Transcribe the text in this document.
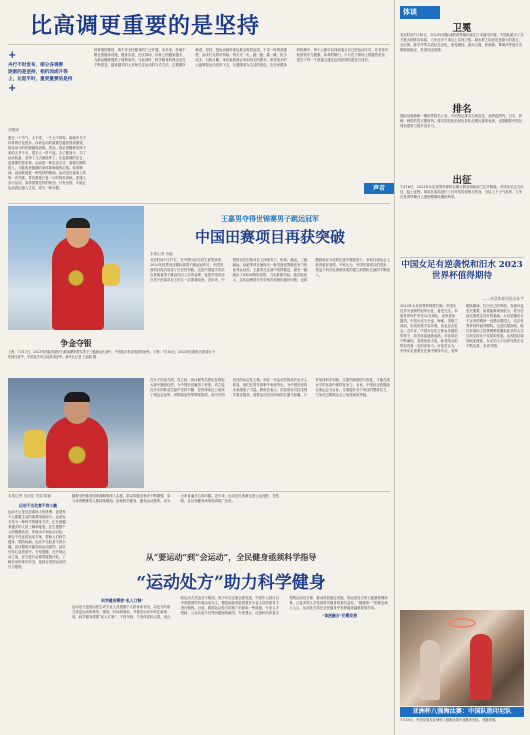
比高调更重要的是坚持
+
央行不时发布、部分各调要
逐渐的是坚持，相机而或升等
上，比起平时，重更重要的是持
+
刘敬诚
夏至一个节气，太平常，一个大不同有。新闻中关于体育的讨论很多。体育运动的重要性越发得到重视，群众参与的热情越发高涨。然而，真正将锻炼坚持下来的人并不多。很多人一时兴起，办了健身卡，买了运动装备，坚持了几天就放弃了。比起高调的宣言，更重要的是坚持。运动是一种生活方式，需要长期的投入，才能收获健康的身体和愉悦的心情。体育精神，说到底就是一种坚持的精神。运动员在赛场上的每一次突破，背后都是日复一日的刻苦训练。普通人参与运动，同样需要这样的韧劲。只有坚持，才能让运动真正融入生活，成为一种习惯。
体育强国建设，离不开全民健身的广泛开展。近年来，各地不断完善健身设施，健身步道、社区球场、体育公园越来越多，为群众锻炼提供了便利条件。与此同时，科学健身的理念也在不断普及，越来越多的人开始关注运动的方式方法，注重循序渐进。坚持，是运动最朴素也最宝贵的品质。不求一时的高强度，而求长久的可持续。每天走一走、跑一跑、跳一跳，积少成多，日积月累，身体素质就会得到切实的提升。希望更多的人能够把运动坚持下去，让健康成为生活的底色。在全民健身的热潮中，每个人都可以找到适合自己的运动方式，在坚持中收获快乐与健康。体育的魅力，不只在于赛场上的激烈竞争，更在于每一个普通人通过运动获得的改变与成长。
声音
体谈
卫冕
北京时间7月16日，2023年国际泳联世界锦标赛在日本福冈开幕。中国队派出了实力强大的阵容参赛，力争在多个项目上实现卫冕。跳水梦之队依旧是最大的看点，全红婵、陈芋汐等名将状态出色，备受期待。游泳方面，张雨霏、覃海洋等选手近期表现稳定，有望冲击奖牌。
排名
国际足联最新一期世界排名公布，中国男足排名出现变化。亚洲范围内，日本、伊朗、韩国仍然占据前列。排名的变化折射出各队近期比赛的表现，也提醒着中国足球仍需努力提升竞争力。
出征
7月16日，2023年女足世界杯即将在澳大利亚和新西兰拉开帷幕。中国女足正式出征，踏上征程。球队在赛前进行了针对性的训练与热身，全队上下士气高昂，力争在世界杯舞台上展现铿锵玫瑰的风采。
中国女足有逆袭悦和汨水 2023世界杯值得期待
——对话体育评论员孙宇
2023年女足世界杯即将打响，中国女足作为亚洲杯冠军出征，备受关注。本届世界杯扩军至32支球队，竞争更加激烈。中国女足与丹麦、海地、英格兰同组，出线形势不容乐观，但也存在机会。近年来，中国女足在主帅水庆霞的带领下，战术体系逐渐成熟，年轻球员不断涌现，老将经验丰富，新老结合的阵容具备一定的竞争力。评论员认为，中国女足需要在比赛中保持专注，发挥团队精神，打出自己的风格。首战丹麦至关重要，如果能够拿到积分，将为后续比赛奠定良好的基础。女足姑娘们永不言弃的精神一直感动着国人，这次世界杯同样值得期待。无论结果如何，她们在赛场上的拼搏都将激励更多的人关注和支持女子足球的发展。从校园足球到职业联赛，女足的人才培养体系正在不断完善，未来可期。
亚洲杯八强淘汰赛：中国队胜印尼队
7月18日，中国女篮在亚洲杯八强淘汰赛中战胜印尼队，晋级四强。
争金夺银
上图：7月17日，2023年国际田联钻石联赛摩纳哥站男子三级跳远比赛中，中国选手朱亚明获得冠军。下图：7月16日，2023年田联钻石联赛女子铅球比赛中，中国选手巩立姣获得亚军。新华社记者 王丽莉 摄
王嘉男夺得世锦赛男子跳远冠军
中国田赛项目再获突破
本报记者 刘毅
北京时间7月17日，在中国田径名将王嘉男获得2023年世界田径锦标赛男子跳远冠军后，中国田赛项目再次取得了历史性突破。这是中国选手首次在世锦赛男子跳远项目上夺得金牌，也是中国田径在男子田赛项目上的又一次重要收获。近年来，中国田径在田赛项目上持续发力，铅球、跳远、三级跳远、标枪等项目涌现出一批具备世界级竞争力的优秀运动员。王嘉男在比赛中发挥稳定，最后一跳跳出了8米36的好成绩，力压群雄夺冠。赛后他表示，这枚金牌是对多年刻苦训练的最好回报，也将激励他在今后的比赛中继续努力，争取在奥运会上取得更好成绩。专家认为，中国田赛项目的进步，得益于科学化训练体系的建立和国际交流的不断深入。
在女子田赛方面，巩立姣、刘诗颖等名将也在国际大赛中屡创佳绩，为中国田径赢得了荣誉。巩立姣在多年的职业生涯中坚持不懈，在铅球项目上取得了奥运会冠军、世锦赛冠军等辉煌战绩，成为中国田径的标志性人物。年轻一代运动员的成长也令人欣喜，他们在青年赛事中表现突出，为中国田径的未来储备了力量。教练员表示，田赛项目对技术细节要求极高，需要运动员长时间的打磨与积累。只有坚持科学训练，注重伤病预防与恢复，才能在高水平的比赛中保持竞争力。未来，中国田径将继续以奥运会为目标，全面提升各个项目的整体实力，力争在巴黎奥运会上取得新的突破。
本报记者 吴佳佳 朱丽 陈颖
运动不当危害不容小觑
运动不止是竞技赛场上的拼搏，更是每个人健康生活的重要组成部分。运动处方作为一种科学的健身方法，正在被越来越多的人所了解和接受。医生根据个人的健康状况、体能水平和运动目标，制定个性化的运动方案，帮助人们科学健身、预防疾病。运动不当危害不容小觑，盲目锻炼可能导致运动损伤，甚至引发心血管意外。专家提醒，在开始运动之前，应当进行必要的健康评估，了解自身的身体状况，选择合适的运动项目与强度。
随着全民健身国家战略的深入实施，群众的健身意识不断增强，参与体育锻炼的人数持续增加。如何科学健身、避免运动损伤，成为大家普遍关心的问题。近年来，运动处方逐渐走进公众视野，在医院、社区和健身场所得到推广应用。
从“要运动”到“会运动”，全民健身亟须科学指导
“运动处方”助力科学健身
科学健身需要“私人订制”
运动处方是指由医生或专业人员根据个人的身体状况，以处方的形式规定运动的种类、强度、时间和频率，并提出运动中的注意事项。科学健身需要“私人订制”，不同年龄、不同体质的人群，适合的运动方式也各不相同。青少年应注重全面发展，中老年人则应以中低强度的有氧运动为主，慢性病患者更需要在专业人员的指导下进行锻炼。目前，我国运动处方的推广仍面临一些挑战，专业人才短缺、公众认知不足等问题亟待解决。专家建议，应加快培养复合型的运动处方师，推动体医融合发展，将运动处方纳入健康管理体系，让更多的人享受到科学健身带来的益处。“健康第一”的理念深入人心，运动处方将在全民健身中发挥越来越重要的作用。
“体医融合”仍需发展
